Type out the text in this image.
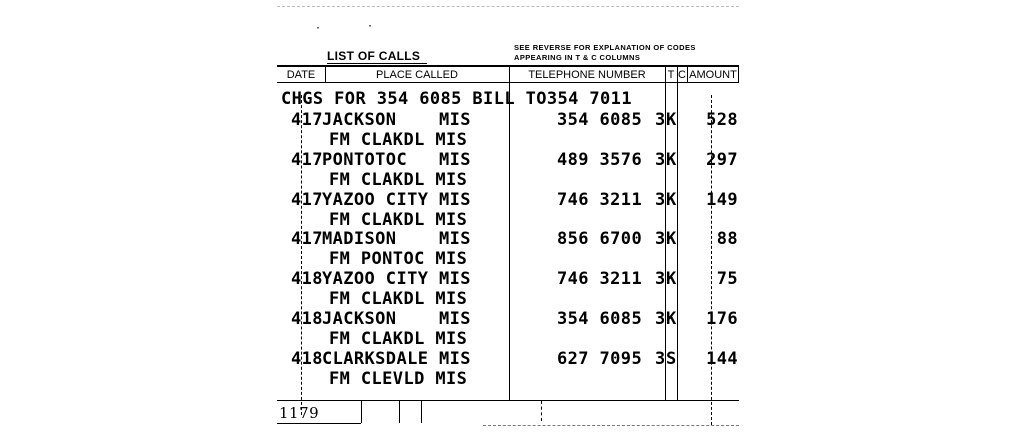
·	·
LIST OF CALLS
SEE REVERSE FOR EXPLANATION OF CODES
APPEARING IN T & C COLUMNS
DATE	PLACE CALLED	TELEPHONE NUMBER	T C AMOUNT
CHGS FOR 354 6085 BILL TO354 7011
417 JACKSON    MIS
FM CLAKDL MIS
354 6085 3 K	528
417 PONTOTOC   MIS
FM CLAKDL MIS
489 3576 3 K	297
417 YAZOO CITY MIS
FM CLAKDL MIS
746 3211 3 K	149
417 MADISON    MIS
FM PONTOC MIS
856 6700 3 K	88
418 YAZOO CITY MIS
FM CLAKDL MIS
746 3211 3 K	75
418 JACKSON    MIS
FM CLAKDL MIS
354 6085 3 K	176
418 CLARKSDALE MIS
FM CLEVLD MIS
627 7095 3 S	144
1179
